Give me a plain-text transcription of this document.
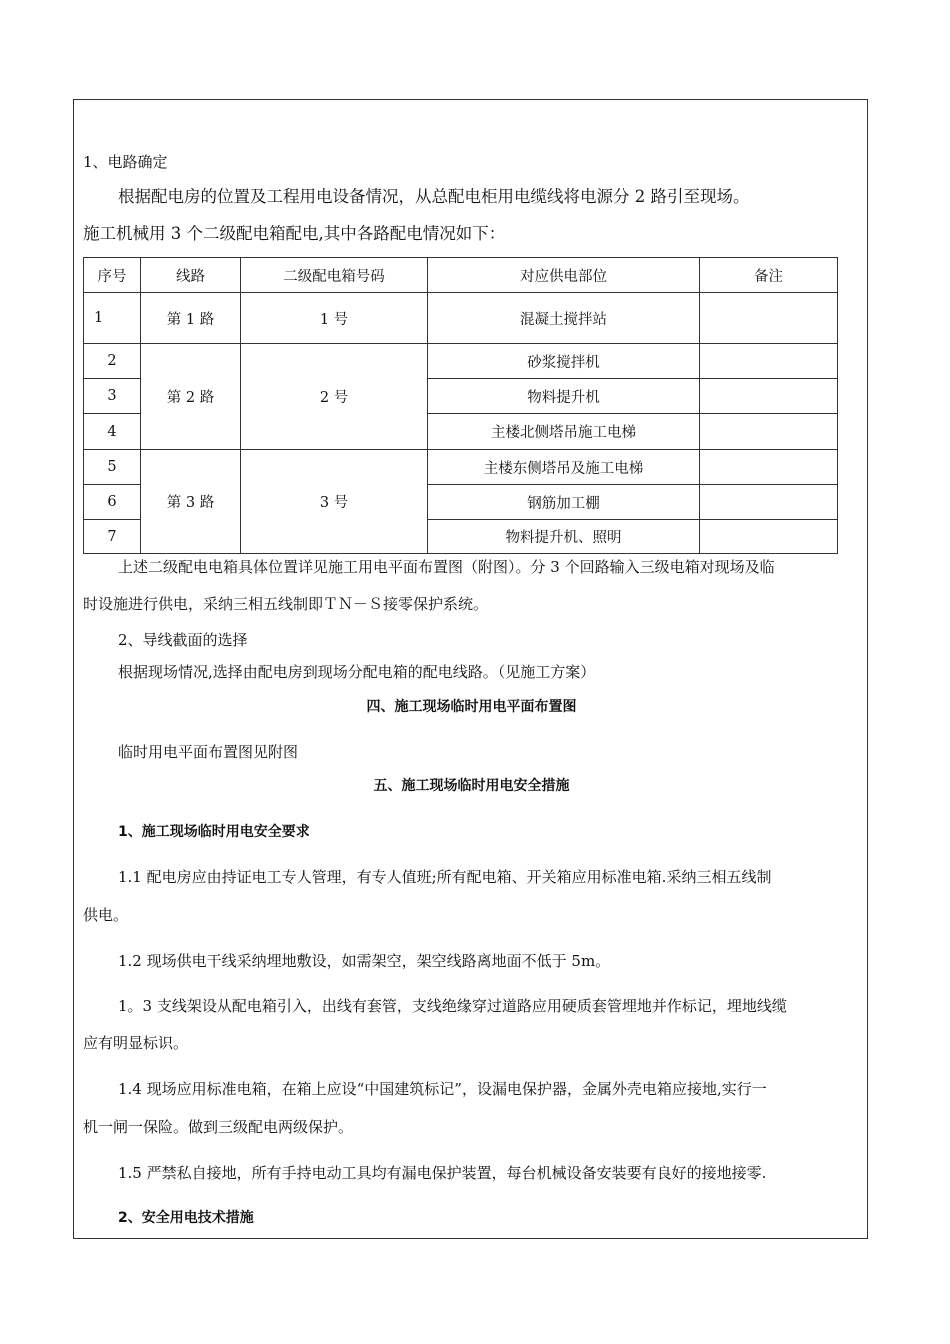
1、电路确定
根据配电房的位置及工程用电设备情况，从总配电柜用电缆线将电源分 2 路引至现场。
施工机械用 3 个二级配电箱配电,其中各路配电情况如下：
序号	线路	二级配电箱号码	对应供电部位	备注
1	第 1 路	1 号	混凝土搅拌站	
2	第 2 路	2 号	砂浆搅拌机	
3			物料提升机	
4			主楼北侧塔吊施工电梯	
5	第 3 路	3 号	主楼东侧塔吊及施工电梯	
6			钢筋加工棚	
7			物料提升机、照明	
上述二级配电电箱具体位置详见施工用电平面布置图（附图）。分 3 个回路输入三级电箱对现场及临
时设施进行供电，采纳三相五线制即ＴＮ－Ｓ接零保护系统。
2、导线截面的选择
根据现场情况,选择由配电房到现场分配电箱的配电线路。（见施工方案）
四、施工现场临时用电平面布置图
临时用电平面布置图见附图
五、施工现场临时用电安全措施
1、施工现场临时用电安全要求
1.1 配电房应由持证电工专人管理，有专人值班;所有配电箱、开关箱应用标准电箱.采纳三相五线制
供电。
1.2 现场供电干线采纳埋地敷设，如需架空，架空线路离地面不低于 5m。
1。3 支线架设从配电箱引入，出线有套管，支线绝缘穿过道路应用硬质套管埋地并作标记，埋地线缆
应有明显标识。
1.4 现场应用标准电箱，在箱上应设“中国建筑标记”，设漏电保护器，金属外壳电箱应接地,实行一
机一闸一保险。做到三级配电两级保护。
1.5 严禁私自接地，所有手持电动工具均有漏电保护装置，每台机械设备安装要有良好的接地接零.
2、安全用电技术措施
